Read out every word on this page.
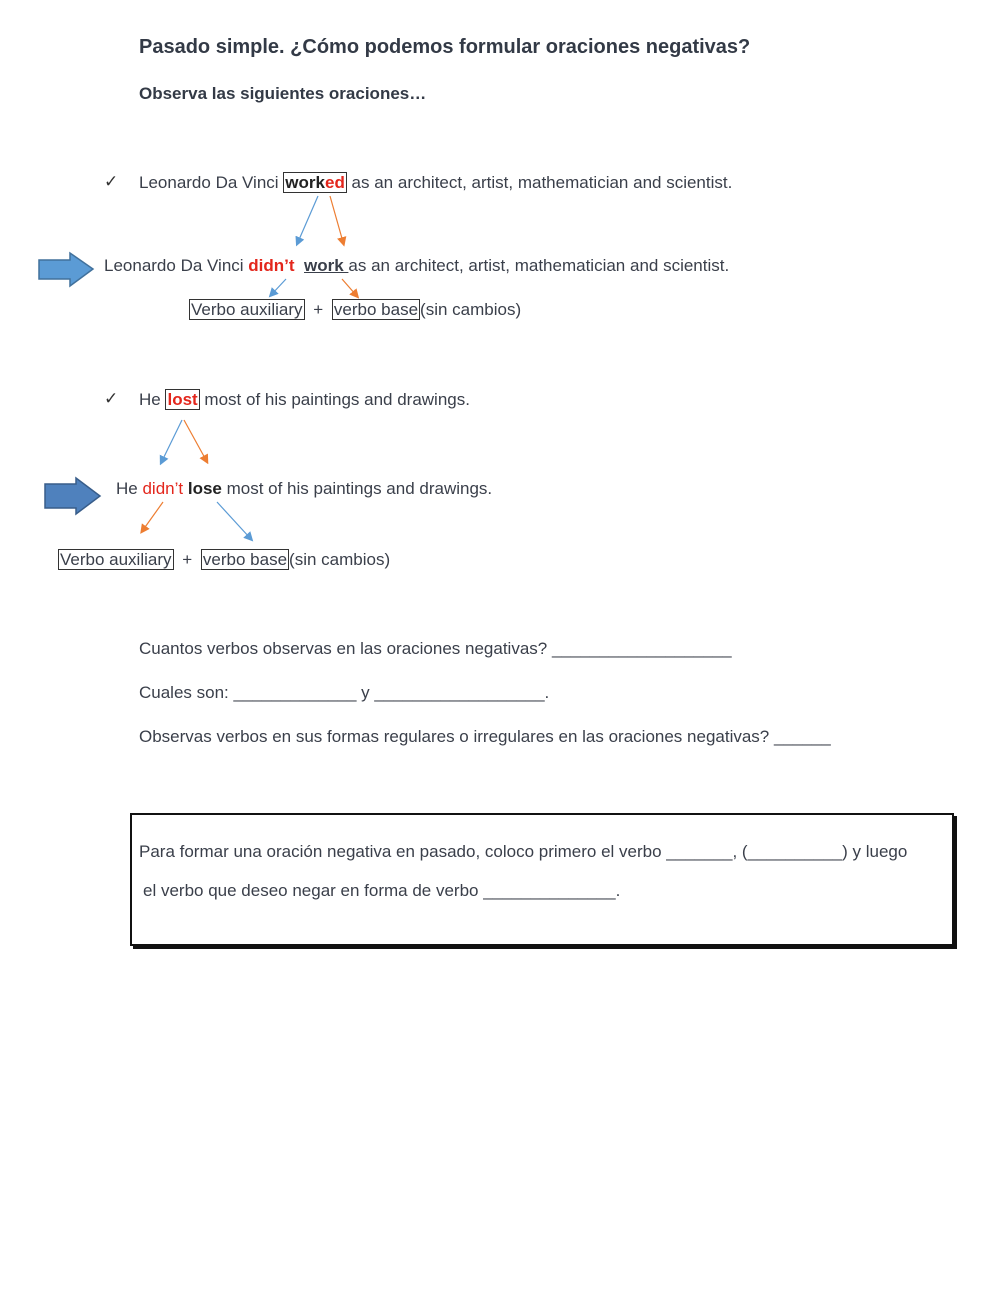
Pasado simple. ¿Cómo podemos formular oraciones negativas?
Observa las siguientes oraciones…
✓ Leonardo Da Vinci worked as an architect, artist, mathematician and scientist.
Leonardo Da Vinci didn’t work as an architect, artist, mathematician and scientist.
Verbo auxiliary + verbo base (sin cambios)
✓ He lost most of his paintings and drawings.
He didn’t lose most of his paintings and drawings.
Verbo auxiliary + verbo base (sin cambios)
Cuantos verbos observas en las oraciones negativas? ___________________
Cuales son: _____________ y __________________.
Observas verbos en sus formas regulares o irregulares en las oraciones negativas? ______
Para formar una oración negativa en pasado, coloco primero el verbo _______, (__________) y luego
el verbo que deseo negar en forma de verbo ______________.
